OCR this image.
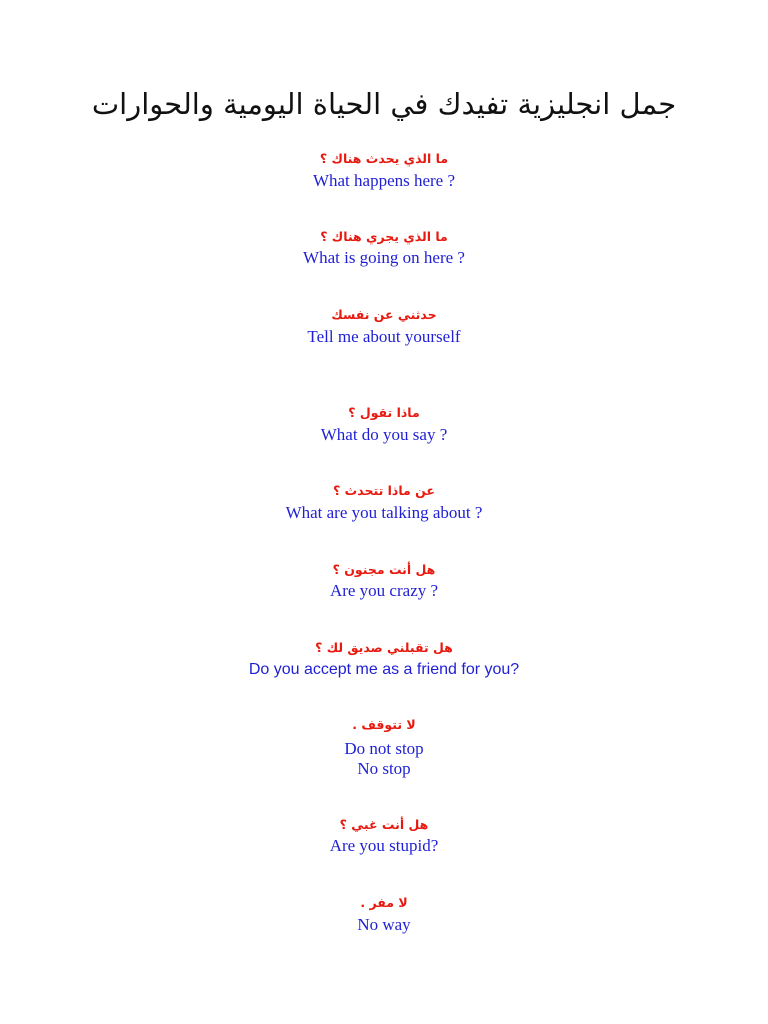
جمل انجليزية تفيدك في الحياة اليومية والحوارات
ما الذي يحدث هناك ؟
What happens here ?
ما الذي يجري هناك ؟
What is going on here ?
حدثني عن نفسك
Tell me about yourself
ماذا تقول ؟
What do you say ?
عن ماذا تتحدث ؟
What are you talking about ?
هل أنت مجنون ؟
Are you crazy ?
هل تقبلني صديق لك ؟
Do you accept me as a friend for you?
لا تتوقف .
Do not stop
No stop
هل أنت غبي ؟
Are you stupid?
لا مفر .
No way
